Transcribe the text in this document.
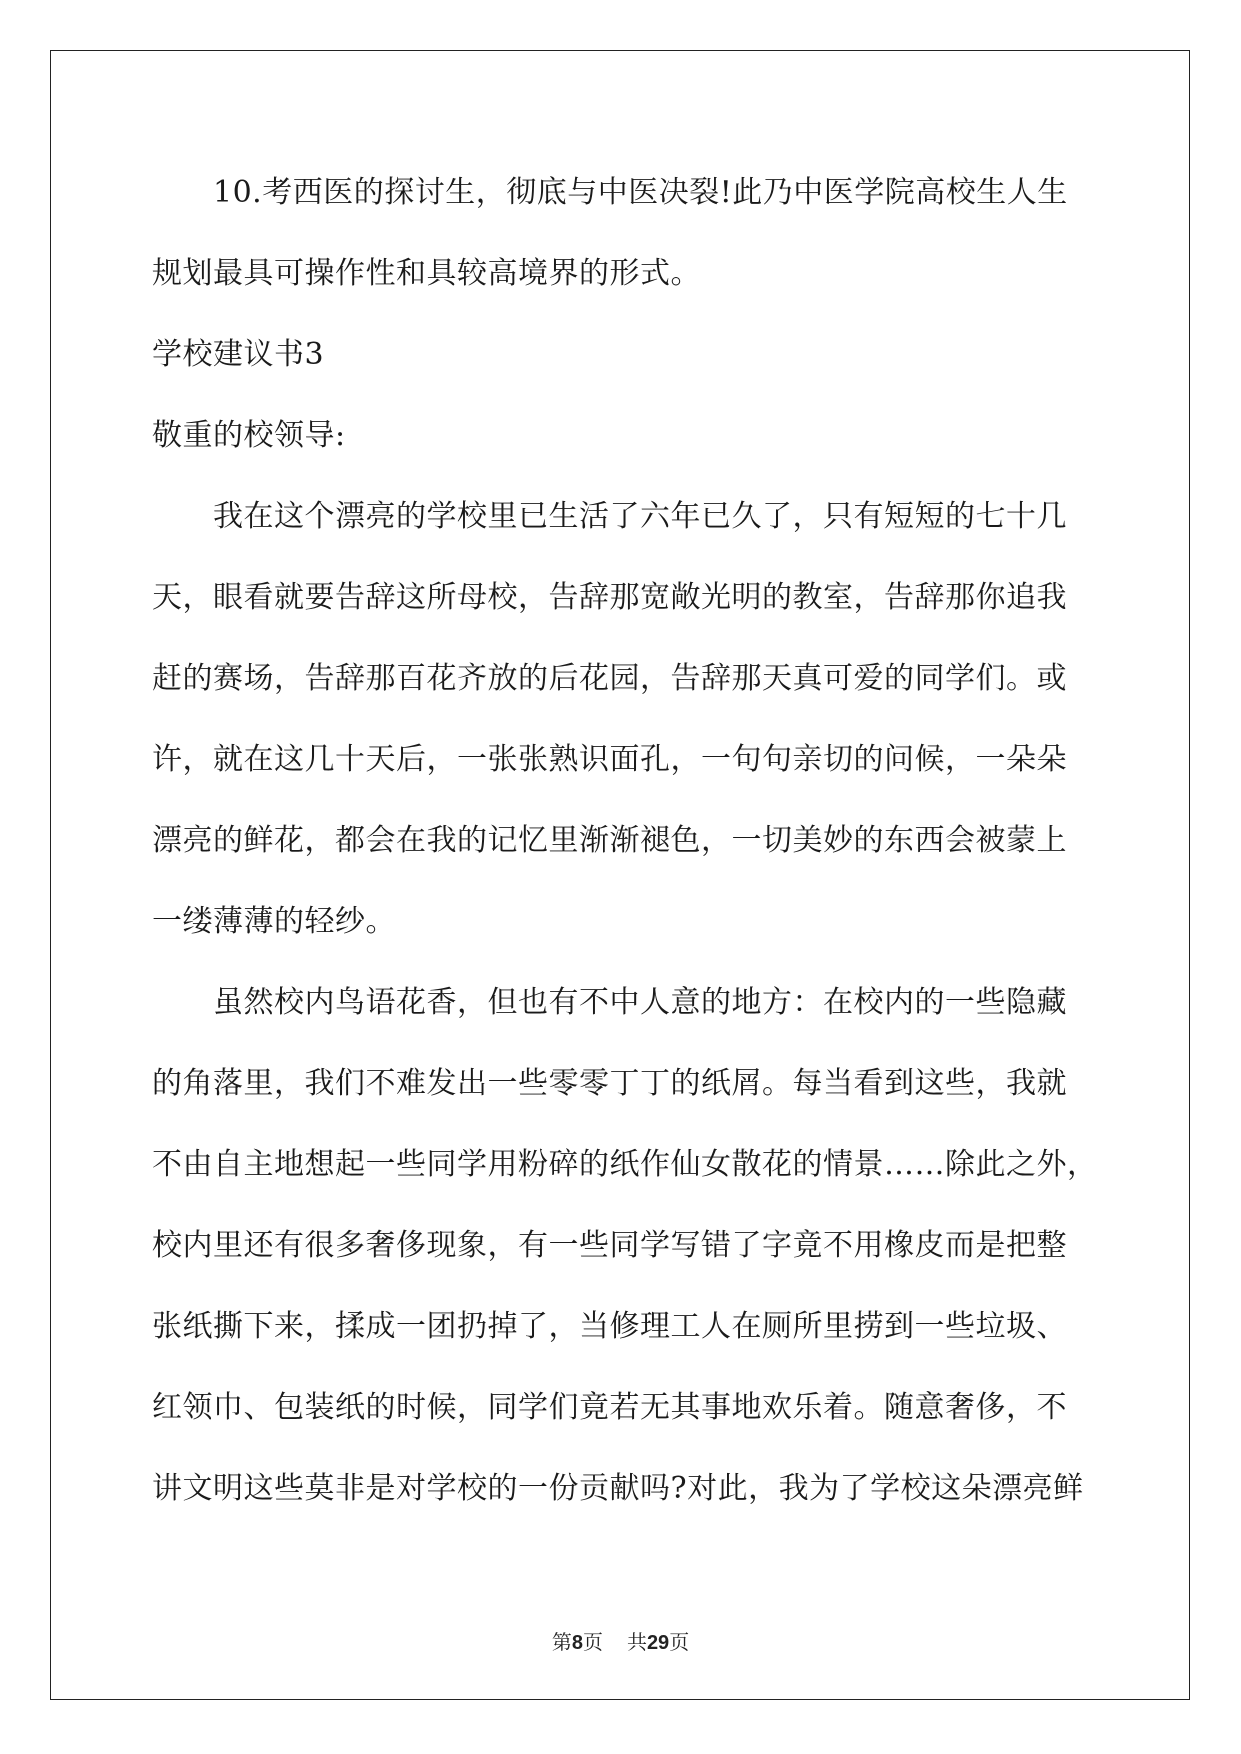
　　10.考西医的探讨生，彻底与中医决裂!此乃中医学院高校生人生
规划最具可操作性和具较高境界的形式。
学校建议书3
敬重的校领导:
　　我在这个漂亮的学校里已生活了六年已久了，只有短短的七十几
天，眼看就要告辞这所母校，告辞那宽敞光明的教室，告辞那你追我
赶的赛场，告辞那百花齐放的后花园，告辞那天真可爱的同学们。或
许，就在这几十天后，一张张熟识面孔，一句句亲切的问候，一朵朵
漂亮的鲜花，都会在我的记忆里渐渐褪色，一切美妙的东西会被蒙上
一缕薄薄的轻纱。
　　虽然校内鸟语花香，但也有不中人意的地方：在校内的一些隐藏
的角落里，我们不难发出一些零零丁丁的纸屑。每当看到这些，我就
不由自主地想起一些同学用粉碎的纸作仙女散花的情景……除此之外，
校内里还有很多奢侈现象，有一些同学写错了字竟不用橡皮而是把整
张纸撕下来，揉成一团扔掉了，当修理工人在厕所里捞到一些垃圾、
红领巾、包装纸的时候，同学们竟若无其事地欢乐着。随意奢侈，不
讲文明这些莫非是对学校的一份贡献吗?对此，我为了学校这朵漂亮鲜
第8页 共29页
